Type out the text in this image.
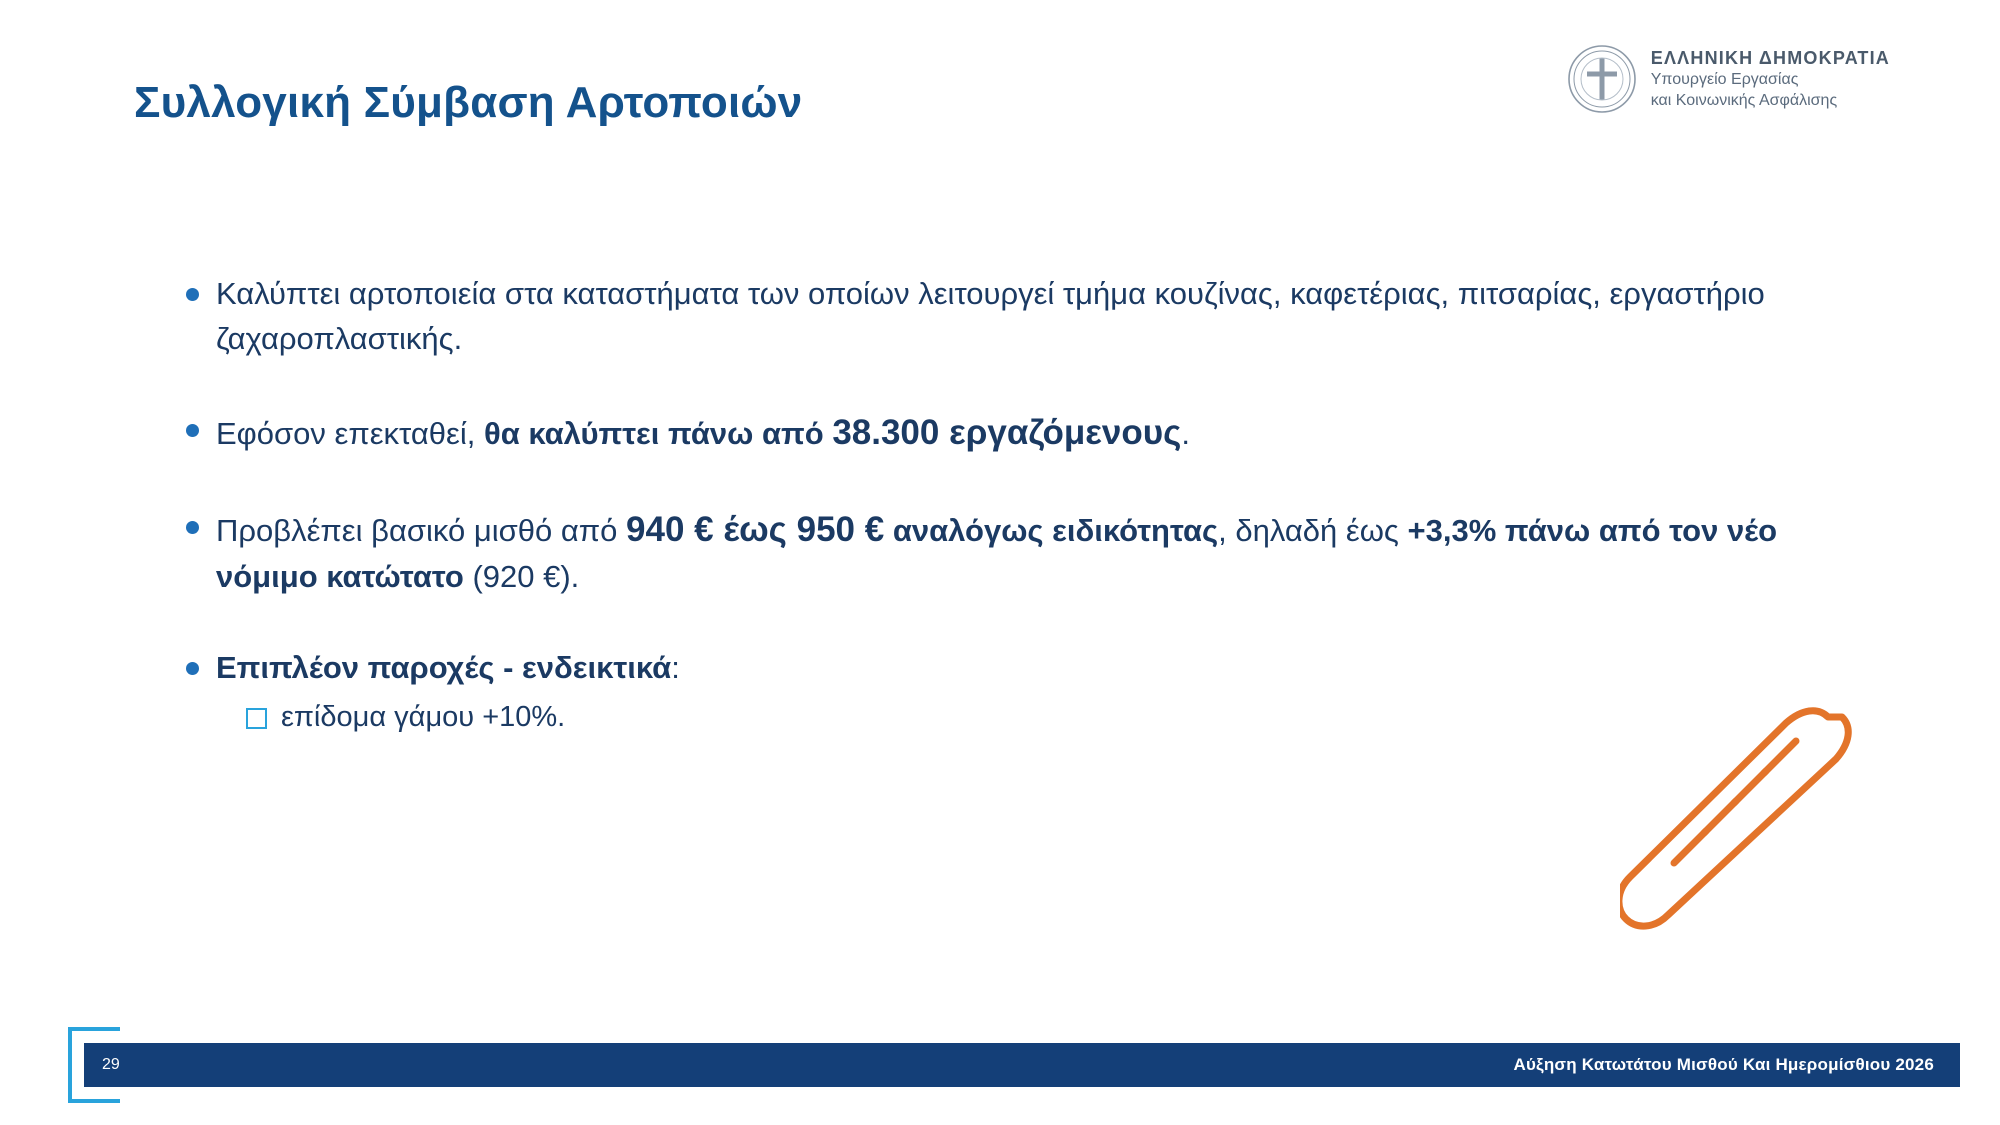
Συλλογική Σύμβαση Αρτοποιών
ΕΛΛΗΝΙΚΗ ΔΗΜΟΚΡΑΤΙΑ
Υπουργείο Εργασίας
και Κοινωνικής Ασφάλισης
Καλύπτει αρτοποιεία στα καταστήματα των οποίων λειτουργεί τμήμα κουζίνας, καφετέριας, πιτσαρίας, εργαστήριο ζαχαροπλαστικής.
Εφόσον επεκταθεί, θα καλύπτει πάνω από 38.300 εργαζόμενους.
Προβλέπει βασικό μισθό από 940 € έως 950 € αναλόγως ειδικότητας, δηλαδή έως +3,3% πάνω από τον νέο νόμιμο κατώτατο (920 €).
Επιπλέον παροχές - ενδεικτικά:
επίδομα γάμου +10%.
29	Αύξηση Κατωτάτου Μισθού Και Ημερομίσθιου 2026
